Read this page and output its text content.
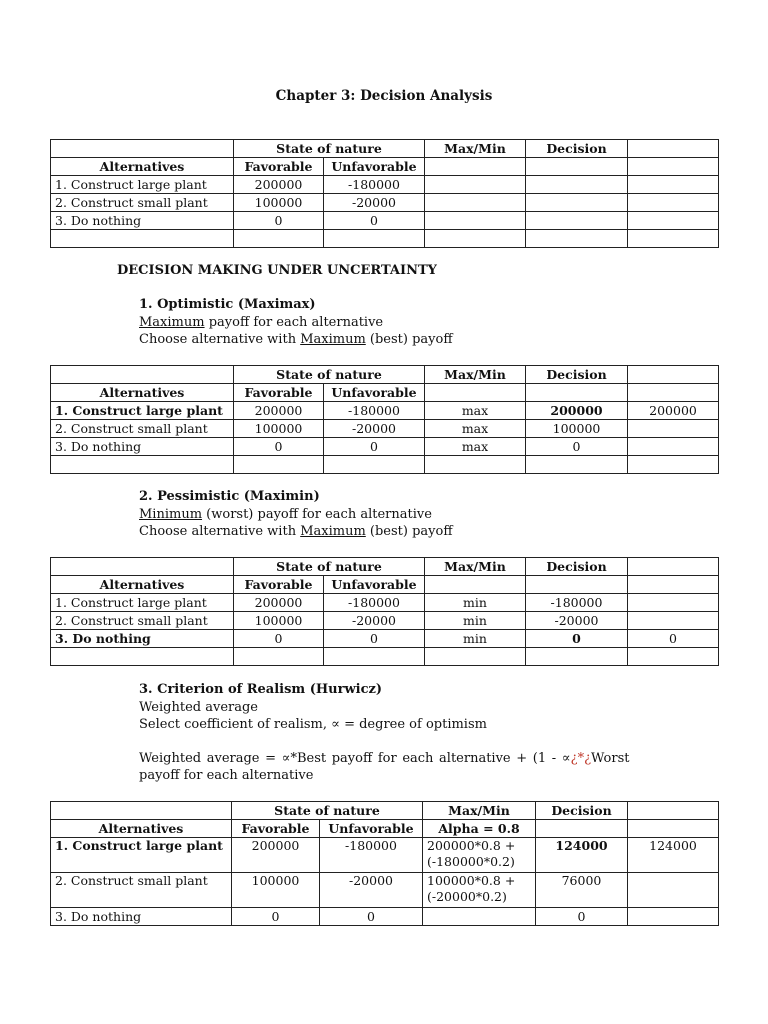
Chapter 3: Decision Analysis
	State of nature		Max/Min	Decision	
Alternatives	Favorable	Unfavorable			
1. Construct large plant	200000	-180000			
2. Construct small plant	100000	-20000			
3. Do nothing	0	0			

DECISION MAKING UNDER UNCERTAINTY
1. Optimistic (Maximax)
Maximum payoff for each alternative
Choose alternative with Maximum (best) payoff
	State of nature		Max/Min	Decision	
Alternatives	Favorable	Unfavorable			
1. Construct large plant	200000	-180000	max	200000	200000
2. Construct small plant	100000	-20000	max	100000	
3. Do nothing	0	0	max	0	

2. Pessimistic (Maximin)
Minimum (worst) payoff for each alternative
Choose alternative with Maximum (best) payoff
	State of nature		Max/Min	Decision	
Alternatives	Favorable	Unfavorable			
1. Construct large plant	200000	-180000	min	-180000	
2. Construct small plant	100000	-20000	min	-20000	
3. Do nothing	0	0	min	0	0

3. Criterion of Realism (Hurwicz)
Weighted average
Select coefficient of realism, ∝ = degree of optimism
Weighted average = ∝*Best payoff for each alternative + (1 - ∝¿*¿Worst
payoff for each alternative
	State of nature		Max/Min	Decision	
Alternatives	Favorable	Unfavorable	Alpha = 0.8		
1. Construct large plant	200000	-180000	200000*0.8 +
(-180000*0.2)	124000	124000
2. Construct small plant	100000	-20000	100000*0.8 +
(-20000*0.2)	76000	
3. Do nothing	0	0		0	
